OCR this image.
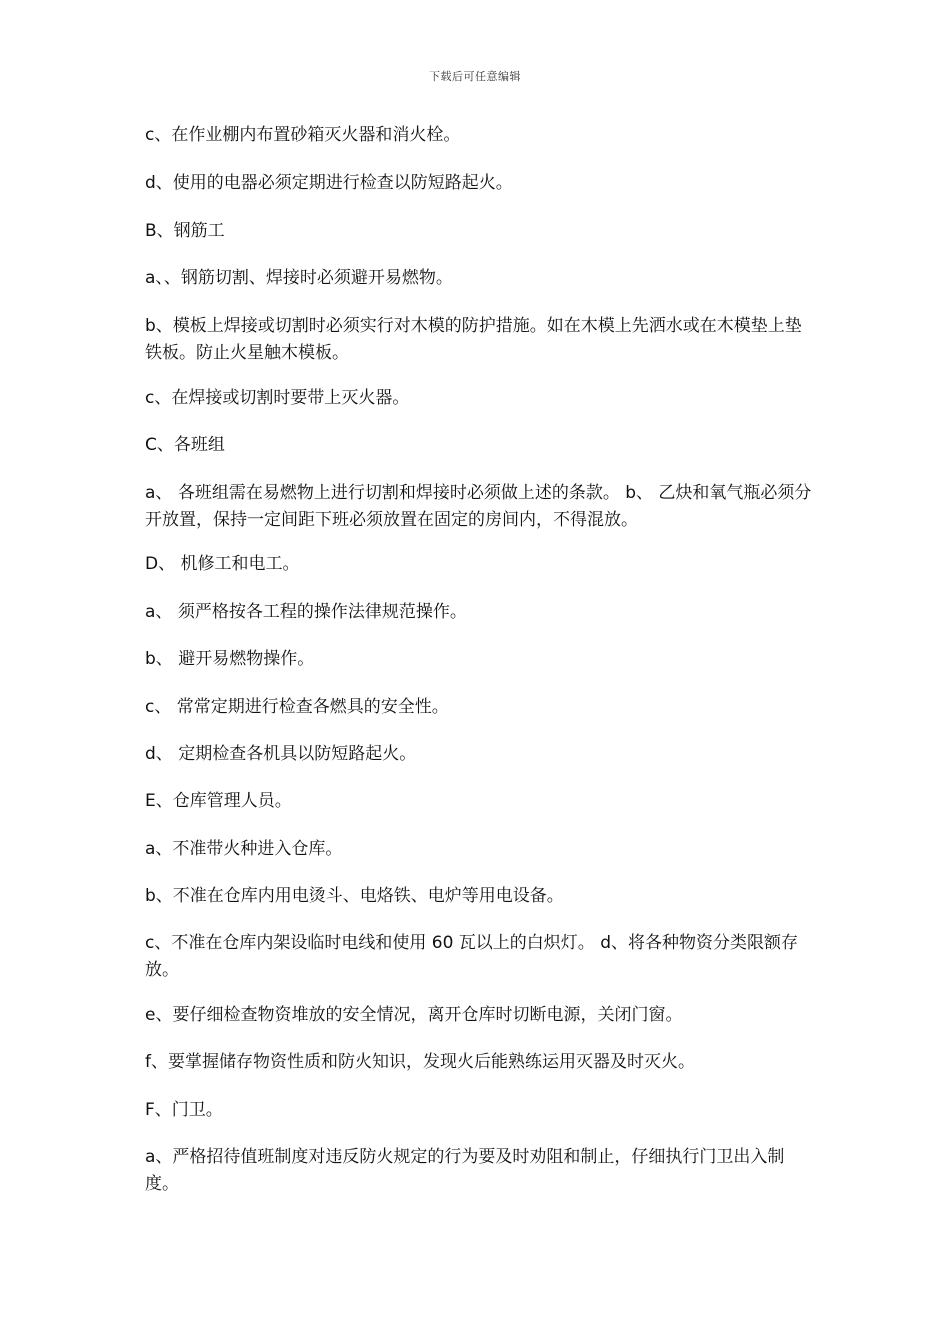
下载后可任意编辑

c、在作业棚内布置砂箱灭火器和消火栓。

d、使用的电器必须定期进行检查以防短路起火。

B、钢筋工

a、、钢筋切割、焊接时必须避开易燃物。

b、模板上焊接或切割时必须实行对木模的防护措施。如在木模上先洒水或在木模垫上垫铁板。防止火星触木模板。

c、在焊接或切割时要带上灭火器。

C、各班组

a、 各班组需在易燃物上进行切割和焊接时必须做上述的条款。 b、 乙炔和氧气瓶必须分开放置，保持一定间距下班必须放置在固定的房间内，不得混放。

D、 机修工和电工。

a、 须严格按各工程的操作法律规范操作。

b、 避开易燃物操作。

c、 常常定期进行检查各燃具的安全性。

d、 定期检查各机具以防短路起火。

E、仓库管理人员。

a、不准带火种进入仓库。

b、不准在仓库内用电烫斗、电烙铁、电炉等用电设备。

c、不准在仓库内架设临时电线和使用 60 瓦以上的白炽灯。 d、将各种物资分类限额存放。

e、要仔细检查物资堆放的安全情况，离开仓库时切断电源，关闭门窗。

f、要掌握储存物资性质和防火知识，发现火后能熟练运用灭器及时灭火。

F、门卫。

a、严格招待值班制度对违反防火规定的行为要及时劝阻和制止，仔细执行门卫出入制度。
